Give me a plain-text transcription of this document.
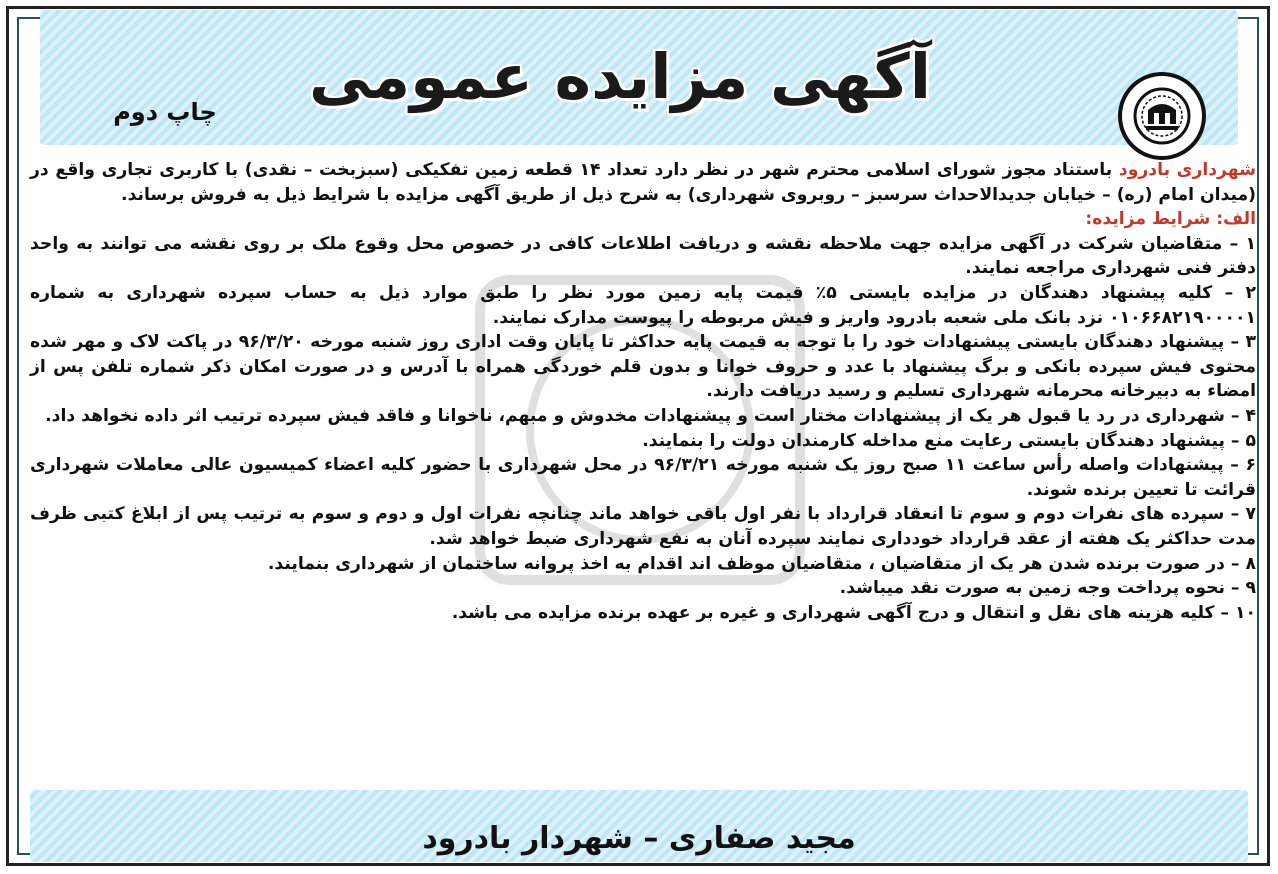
آگهی مزایده عمومی
چاپ دوم

شهرداری بادرود باستناد مجوز شورای اسلامی محترم شهر در نظر دارد تعداد ۱۴ قطعه زمین تفکیکی (سبزبخت – نقدی) با کاربری تجاری واقع در (میدان امام (ره) – خیابان جدیدالاحداث سرسبز – روبروی شهرداری) به شرح ذیل از طریق آگهی مزایده با شرایط ذیل به فروش برساند.

الف: شرایط مزایده:

۱ – متقاضیان شرکت در آگهی مزایده جهت ملاحظه نقشه و دریافت اطلاعات کافی در خصوص محل وقوع ملک بر روی نقشه می توانند به واحد دفتر فنی شهرداری مراجعه نمایند.

۲ – کلیه پیشنهاد دهندگان در مزایده بایستی ۵٪ قیمت پایه زمین مورد نظر را طبق موارد ذیل به حساب سپرده شهرداری به شماره ۰۱۰۶۶۸۲۱۹۰۰۰۰۱ نزد بانک ملی شعبه بادرود واریز و فیش مربوطه را پیوست مدارک نمایند.

۳ – پیشنهاد دهندگان بایستی پیشنهادات خود را با توجه به قیمت پایه حداکثر تا پایان وقت اداری روز شنبه مورخه ۹۶/۳/۲۰ در پاکت لاک و مهر شده محتوی فیش سپرده بانکی و برگ پیشنهاد با عدد و حروف خوانا و بدون قلم خوردگی همراه با آدرس و در صورت امکان ذکر شماره تلفن پس از امضاء به دبیرخانه محرمانه شهرداری تسلیم و رسید دریافت دارند.

۴ – شهرداری در رد یا قبول هر یک از پیشنهادات مختار است و پیشنهادات مخدوش و مبهم، ناخوانا و فاقد فیش سپرده ترتیب اثر داده نخواهد داد.

۵ – پیشنهاد دهندگان بایستی رعایت منع مداخله کارمندان دولت را بنمایند.

۶ – پیشنهادات واصله رأس ساعت ۱۱ صبح روز یک شنبه مورخه ۹۶/۳/۲۱ در محل شهرداری با حضور کلیه اعضاء کمیسیون عالی معاملات شهرداری قرائت تا تعیین برنده شوند.

۷ – سپرده های نفرات دوم و سوم تا انعقاد قرارداد با نفر اول باقی خواهد ماند چنانچه نفرات اول و دوم و سوم به ترتیب پس از ابلاغ کتبی ظرف مدت حداکثر یک هفته از عقد قرارداد خودداری نمایند سپرده آنان به نفع شهرداری ضبط خواهد شد.

۸ – در صورت برنده شدن هر یک از متقاضیان ، متقاضیان موظف اند اقدام به اخذ پروانه ساختمان از شهرداری بنمایند.

۹ – نحوه پرداخت وجه زمین به صورت نقد میباشد.

۱۰ – کلیه هزینه های نقل و انتقال و درج آگهی شهرداری و غیره بر عهده برنده مزایده می باشد.

مجید صفاری – شهردار بادرود
